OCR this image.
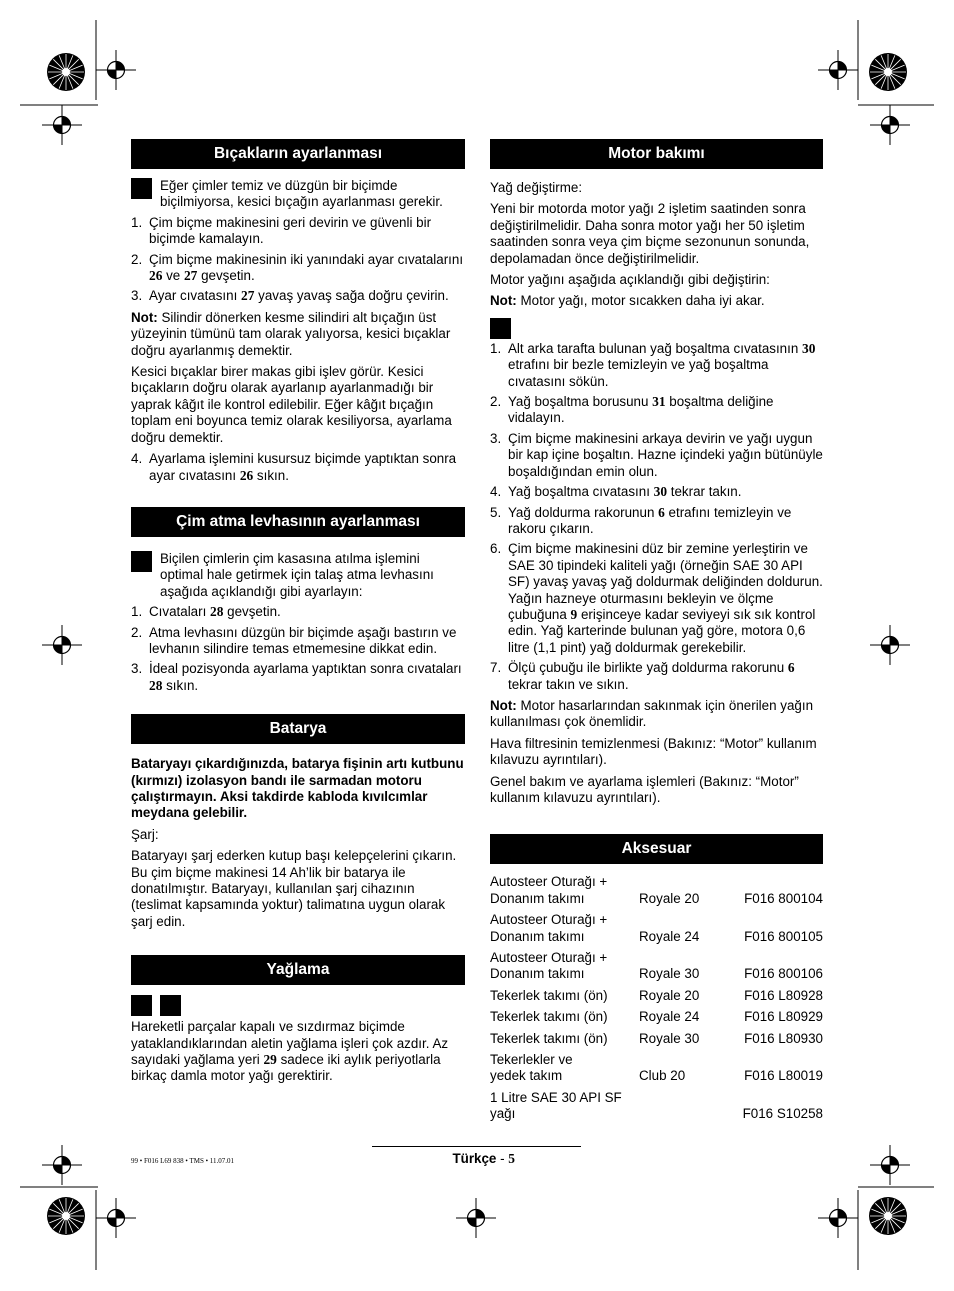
Bıçakların ayarlanması
Eğer çimler temiz ve düzgün bir biçimde biçilmiyorsa, kesici bıçağın ayarlanması gerekir.
1. Çim biçme makinesini geri devirin ve güvenli bir biçimde kamalayın.
2. Çim biçme makinesinin iki yanındaki ayar cıvatalarını 26 ve 27 gevşetin.
3. Ayar cıvatasını 27 yavaş yavaş sağa doğru çevirin.

Not: Silindir dönerken kesme silindiri alt bıçağın üst yüzeyinin tümünü tam olarak yalıyorsa, kesici bıçaklar doğru ayarlanmış demektir.

Kesici bıçaklar birer makas gibi işlev görür. Kesici bıçakların doğru olarak ayarlanıp ayarlanmadığı bir yaprak kâğıt ile kontrol edilebilir. Eğer kâğıt bıçağın toplam eni boyunca temiz olarak kesiliyorsa, ayarlama doğru demektir.

4. Ayarlama işlemini kusursuz biçimde yaptıktan sonra ayar cıvatasını 26 sıkın.
Çim atma levhasının ayarlanması
Biçilen çimlerin çim kasasına atılma işlemini optimal hale getirmek için talaş atma levhasını aşağıda açıklandığı gibi ayarlayın:
1. Cıvataları 28 gevşetin.
2. Atma levhasını düzgün bir biçimde aşağı bastırın ve levhanın silindire temas etmemesine dikkat edin.
3. İdeal pozisyonda ayarlama yaptıktan sonra cıvataları 28 sıkın.
Batarya

Bataryayı çıkardığınızda, batarya fişinin artı kutbunu (kırmızı) izolasyon bandı ile sarmadan motoru çalıştırmayın. Aksi takdirde kabloda kıvılcımlar meydana gelebilir.

Şarj:

Bataryayı şarj ederken kutup başı kelepçelerini çıkarın. Bu çim biçme makinesi 14 Ah’lik bir batarya ile donatılmıştır. Bataryayı, kullanılan şarj cihazının (teslimat kapsamında yoktur) talimatına uygun olarak şarj edin.

Yağlama

Hareketli parçalar kapalı ve sızdırmaz biçimde yataklandıklarından aletin yağlama işleri çok azdır. Az sayıdaki yağlama yeri 29 sadece iki aylık periyotlarla birkaç damla motor yağı gerektirir.

Motor bakımı

Yağ değiştirme:

Yeni bir motorda motor yağı 2 işletim saatinden sonra değiştirilmelidir. Daha sonra motor yağı her 50 işletim saatinden sonra veya çim biçme sezonunun sonunda, depolamadan önce değiştirilmelidir.

Motor yağını aşağıda açıklandığı gibi değiştirin:

Not: Motor yağı, motor sıcakken daha iyi akar.

1. Alt arka tarafta bulunan yağ boşaltma cıvatasının 30 etrafını bir bezle temizleyin ve yağ boşaltma cıvatasını sökün.
2. Yağ boşaltma borusunu 31 boşaltma deliğine vidalayın.
3. Çim biçme makinesini arkaya devirin ve yağı uygun bir kap içine boşaltın. Hazne içindeki yağın bütünüyle boşaldığından emin olun.
4. Yağ boşaltma cıvatasını 30 tekrar takın.
5. Yağ doldurma rakorunun 6 etrafını temizleyin ve rakoru çıkarın.
6. Çim biçme makinesini düz bir zemine yerleştirin ve SAE 30 tipindeki kaliteli yağı (örneğin SAE 30 API SF) yavaş yavaş yağ doldurmak deliğinden doldurun. Yağın hazneye oturmasını bekleyin ve ölçme çubuğuna 9 erişinceye kadar seviyeyi sık sık kontrol edin. Yağ karterinde bulunan yağ göre, motora 0,6 litre (1,1 pint) yağ doldurmak gerekebilir.
7. Ölçü çubuğu ile birlikte yağ doldurma rakorunu 6 tekrar takın ve sıkın.

Not: Motor hasarlarından sakınmak için önerilen yağın kullanılması çok önemlidir.

Hava filtresinin temizlenmesi (Bakınız: “Motor” kullanım kılavuzu ayrıntıları).

Genel bakım ve ayarlama işlemleri (Bakınız: “Motor” kullanım kılavuzu ayrıntıları).

Aksesuar
Autosteer Oturağı +
Donanım takımı	Royale 20	F016 800104
Autosteer Oturağı +
Donanım takımı	Royale 24	F016 800105
Autosteer Oturağı +
Donanım takımı	Royale 30	F016 800106
Tekerlek takımı (ön)	Royale 20	F016 L80928
Tekerlek takımı (ön)	Royale 24	F016 L80929
Tekerlek takımı (ön)	Royale 30	F016 L80930
Tekerlekler ve
yedek takım	Club 20	F016 L80019
1 Litre SAE 30 API SF yağı		F016 S10258
99 • F016 L69 838 • TMS • 11.07.01	Türkçe - 5
